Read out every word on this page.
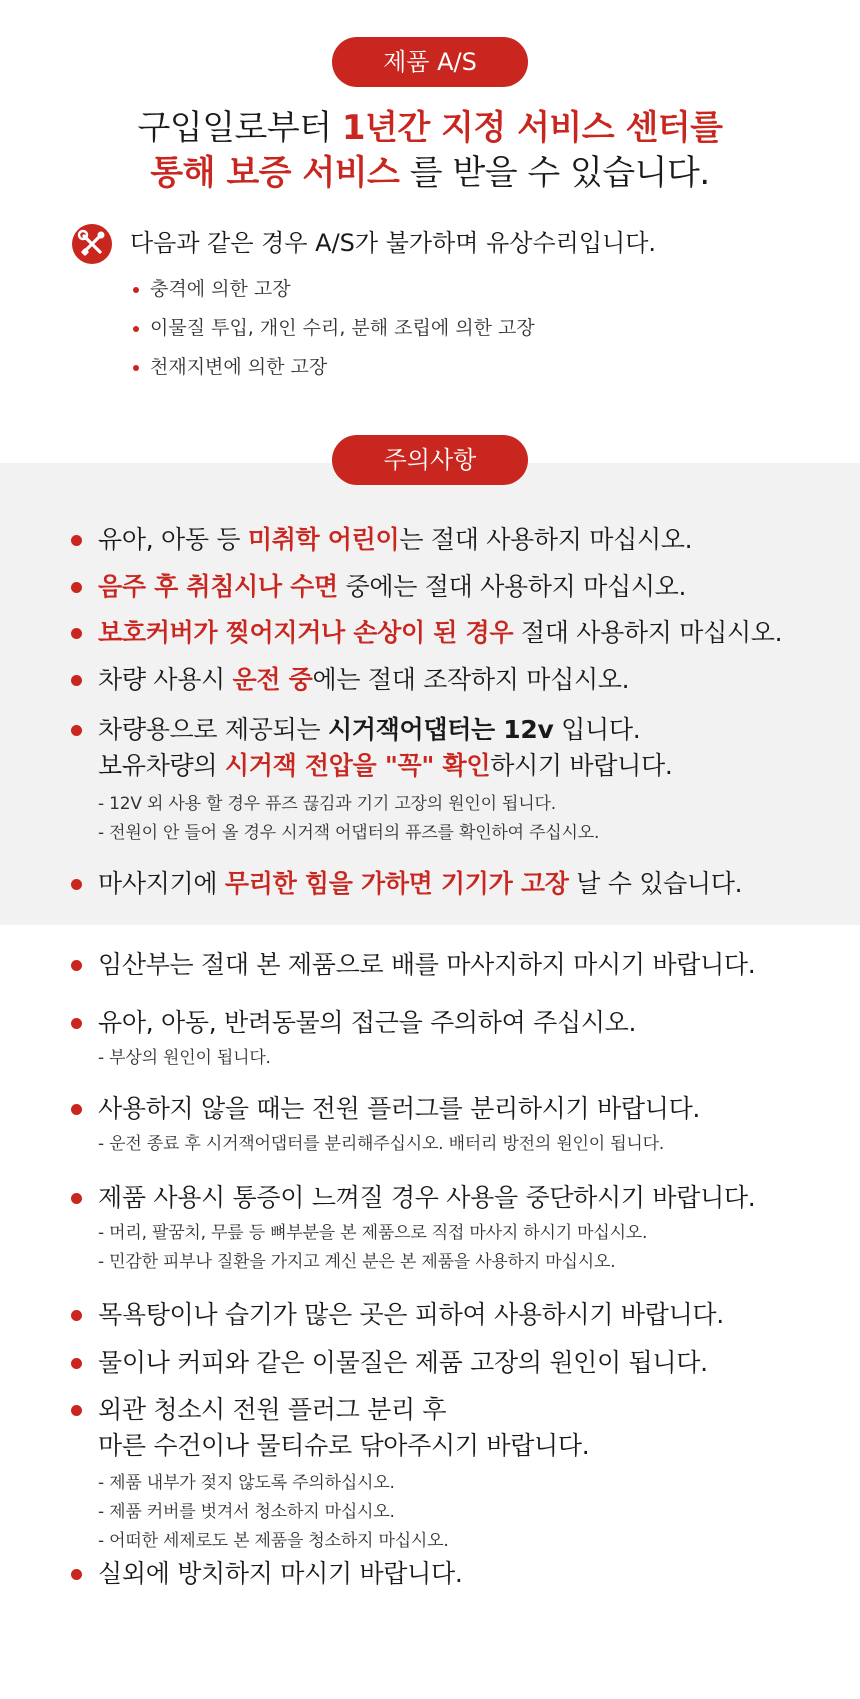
제품 A/S
구입일로부터 1년간 지정 서비스 센터를
통해 보증 서비스 를 받을 수 있습니다.
다음과 같은 경우 A/S가 불가하며 유상수리입니다.
충격에 의한 고장
이물질 투입, 개인 수리, 분해 조립에 의한 고장
천재지변에 의한 고장
주의사항
유아, 아동 등 미취학 어린이는 절대 사용하지 마십시오.
음주 후 취침시나 수면 중에는 절대 사용하지 마십시오.
보호커버가 찢어지거나 손상이 된 경우 절대 사용하지 마십시오.
차량 사용시 운전 중에는 절대 조작하지 마십시오.
차량용으로 제공되는 시거잭어댑터는 12v 입니다.
보유차량의 시거잭 전압을 "꼭" 확인하시기 바랍니다.
- 12V 외 사용 할 경우 퓨즈 끊김과 기기 고장의 원인이 됩니다.
- 전원이 안 들어 올 경우 시거잭 어댑터의 퓨즈를 확인하여 주십시오.
마사지기에 무리한 힘을 가하면 기기가 고장 날 수 있습니다.
임산부는 절대 본 제품으로 배를 마사지하지 마시기 바랍니다.
유아, 아동, 반려동물의 접근을 주의하여 주십시오.
- 부상의 원인이 됩니다.
사용하지 않을 때는 전원 플러그를 분리하시기 바랍니다.
- 운전 종료 후 시거잭어댑터를 분리해주십시오. 배터리 방전의 원인이 됩니다.
제품 사용시 통증이 느껴질 경우 사용을 중단하시기 바랍니다.
- 머리, 팔꿈치, 무릎 등 뼈부분을 본 제품으로 직접 마사지 하시기 마십시오.
- 민감한 피부나 질환을 가지고 계신 분은 본 제품을 사용하지 마십시오.
목욕탕이나 습기가 많은 곳은 피하여 사용하시기 바랍니다.
물이나 커피와 같은 이물질은 제품 고장의 원인이 됩니다.
외관 청소시 전원 플러그 분리 후
마른 수건이나 물티슈로 닦아주시기 바랍니다.
- 제품 내부가 젖지 않도록 주의하십시오.
- 제품 커버를 벗겨서 청소하지 마십시오.
- 어떠한 세제로도 본 제품을 청소하지 마십시오.
실외에 방치하지 마시기 바랍니다.
